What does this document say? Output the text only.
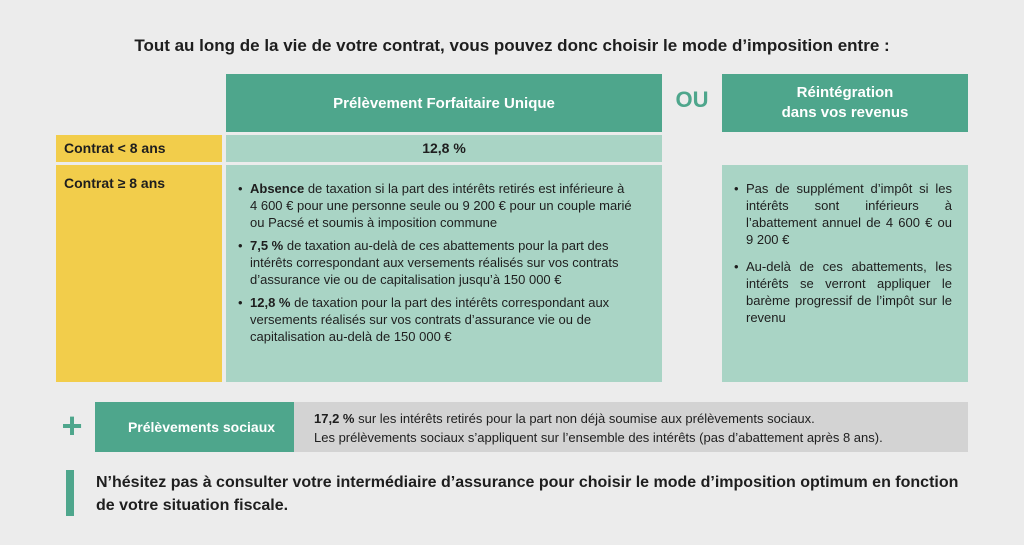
Tout au long de la vie de votre contrat, vous pouvez donc choisir le mode d’imposition entre :
Prélèvement Forfaitaire Unique	OU	Réintégration
dans vos revenus
Contrat < 8 ans	12,8 %
Contrat ≥ 8 ans
•	Absence de taxation si la part des intérêts retirés est inférieure à 4 600 € pour une personne seule ou 9 200 € pour un couple marié ou Pacsé et soumis à imposition commune
• 7,5 % de taxation au-delà de ces abattements pour la part des intérêts correspondant aux versements réalisés sur vos contrats d’assurance vie ou de capitalisation jusqu’à 150 000 €
• 12,8 % de taxation pour la part des intérêts correspondant aux versements réalisés sur vos contrats d’assurance vie ou de capitalisation au-delà de 150 000 €
• Pas de supplément d’impôt si les intérêts sont inférieurs à l’abattement annuel de 4 600 € ou 9 200 €
• Au-delà de ces abattements, les intérêts se verront appliquer le barème progressif de l’impôt sur le revenu
+	Prélèvements sociaux
17,2 % sur les intérêts retirés pour la part non déjà soumise aux prélèvements sociaux.
Les prélèvements sociaux s’appliquent sur l’ensemble des intérêts (pas d’abattement après 8 ans).
N’hésitez pas à consulter votre intermédiaire d’assurance pour choisir le mode d’imposition optimum en fonction de votre situation fiscale.
